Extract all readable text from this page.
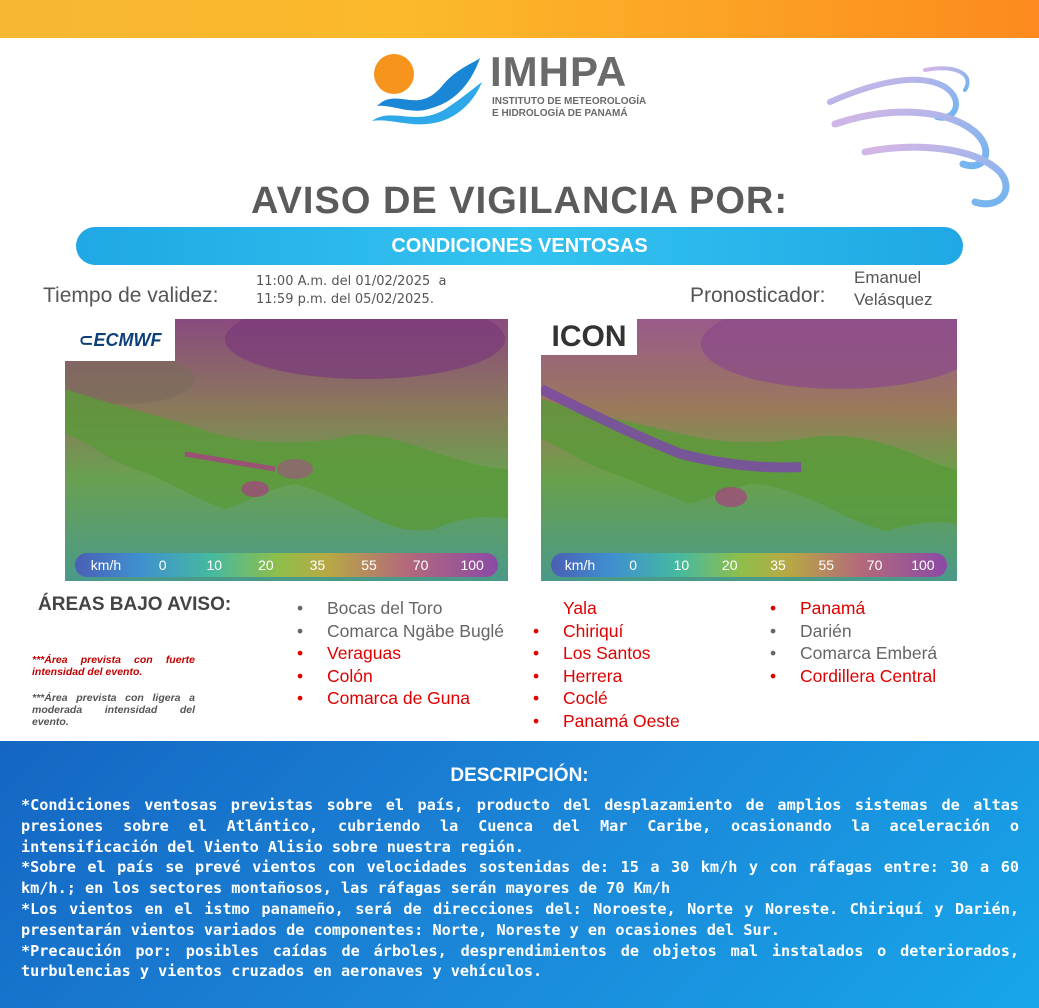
IMHPA
INSTITUTO DE METEOROLOGÍA
E HIDROLOGÍA DE PANAMÁ
AVISO DE VIGILANCIA POR:
CONDICIONES VENTOSAS
Tiempo de validez:
11:00 A.m. del 01/02/2025  a
11:59 p.m. del 05/02/2025.	Pronosticador:
Emanuel
Velásquez
⊂ECMWF
km/h	0	10	20	35	55	70	100
ICON
km/h	0	10	20	35	55	70	100
ÁREAS BAJO AVISO:
***Área prevista con fuerte intensidad del evento.
***Área prevista con ligera a moderada intensidad del evento.
•	Bocas del Toro
•	Comarca Ngäbe Buglé
•	Veraguas
•	Colón
•	Comarca de Guna
Yala
•	Chiriquí
•	Los Santos
•	Herrera
•	Coclé
•	Panamá Oeste
•	Panamá
•	Darién
•	Comarca Emberá
•	Cordillera Central
DESCRIPCIÓN:

*Condiciones ventosas previstas sobre el país, producto del desplazamiento de amplios sistemas de altas presiones sobre el Atlántico, cubriendo la Cuenca del Mar Caribe, ocasionando la aceleración o intensificación del Viento Alisio sobre nuestra región.

*Sobre el país se prevé vientos con velocidades sostenidas de: 15 a 30 km/h y con ráfagas entre: 30 a 60 km/h.; en los sectores montañosos, las ráfagas serán mayores de 70 Km/h

*Los vientos en el istmo panameño, será de direcciones del: Noroeste, Norte y Noreste. Chiriquí y Darién, presentarán vientos variados de componentes: Norte, Noreste y en ocasiones del Sur.

*Precaución por: posibles caídas de árboles, desprendimientos de objetos mal instalados o deteriorados, turbulencias y vientos cruzados en aeronaves y vehículos.
